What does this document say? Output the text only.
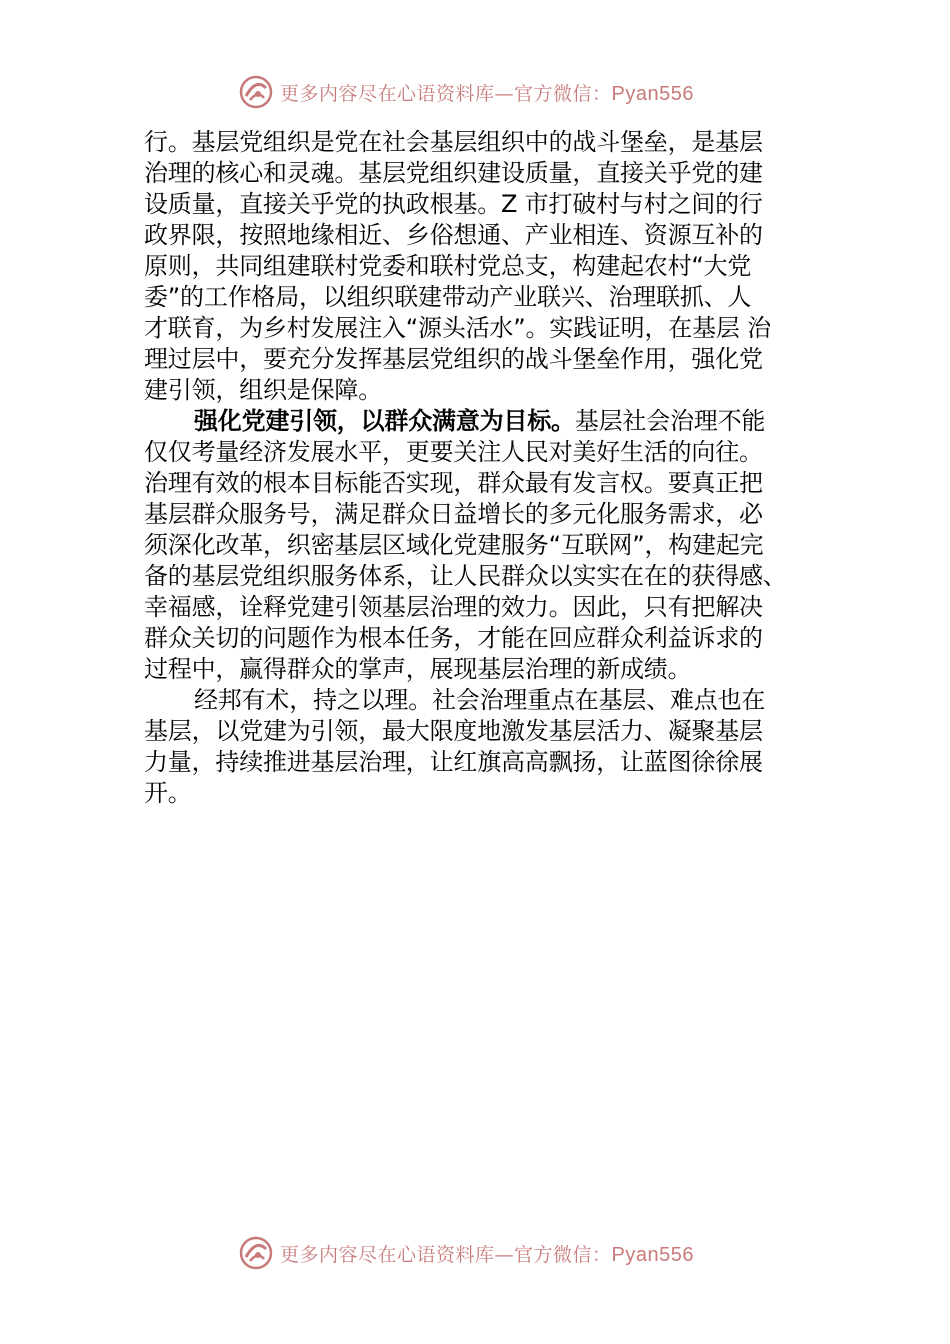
更多内容尽在心语资料库—官方微信：Pyan556
行。基层党组织是党在社会基层组织中的战斗堡垒，是基层
治理的核心和灵魂。基层党组织建设质量，直接关乎党的建
设质量，直接关乎党的执政根基。Z 市打破村与村之间的行
政界限，按照地缘相近、乡俗想通、产业相连、资源互补的
原则，共同组建联村党委和联村党总支，构建起农村“大党
委”的工作格局，以组织联建带动产业联兴、治理联抓、人
才联育，为乡村发展注入“源头活水”。实践证明，在基层 治
理过层中，要充分发挥基层党组织的战斗堡垒作用，强化党
建引领，组织是保障。
强化党建引领，以群众满意为目标。基层社会治理不能
仅仅考量经济发展水平，更要关注人民对美好生活的向往。
治理有效的根本目标能否实现，群众最有发言权。要真正把
基层群众服务号，满足群众日益增长的多元化服务需求，必
须深化改革，织密基层区域化党建服务“互联网”，构建起完
备的基层党组织服务体系，让人民群众以实实在在的获得感、
幸福感，诠释党建引领基层治理的效力。因此，只有把解决
群众关切的问题作为根本任务，才能在回应群众利益诉求的
过程中，赢得群众的掌声，展现基层治理的新成绩。
经邦有术，持之以理。社会治理重点在基层、难点也在
基层，以党建为引领，最大限度地激发基层活力、凝聚基层
力量，持续推进基层治理，让红旗高高飘扬，让蓝图徐徐展
开。
更多内容尽在心语资料库—官方微信：Pyan556
